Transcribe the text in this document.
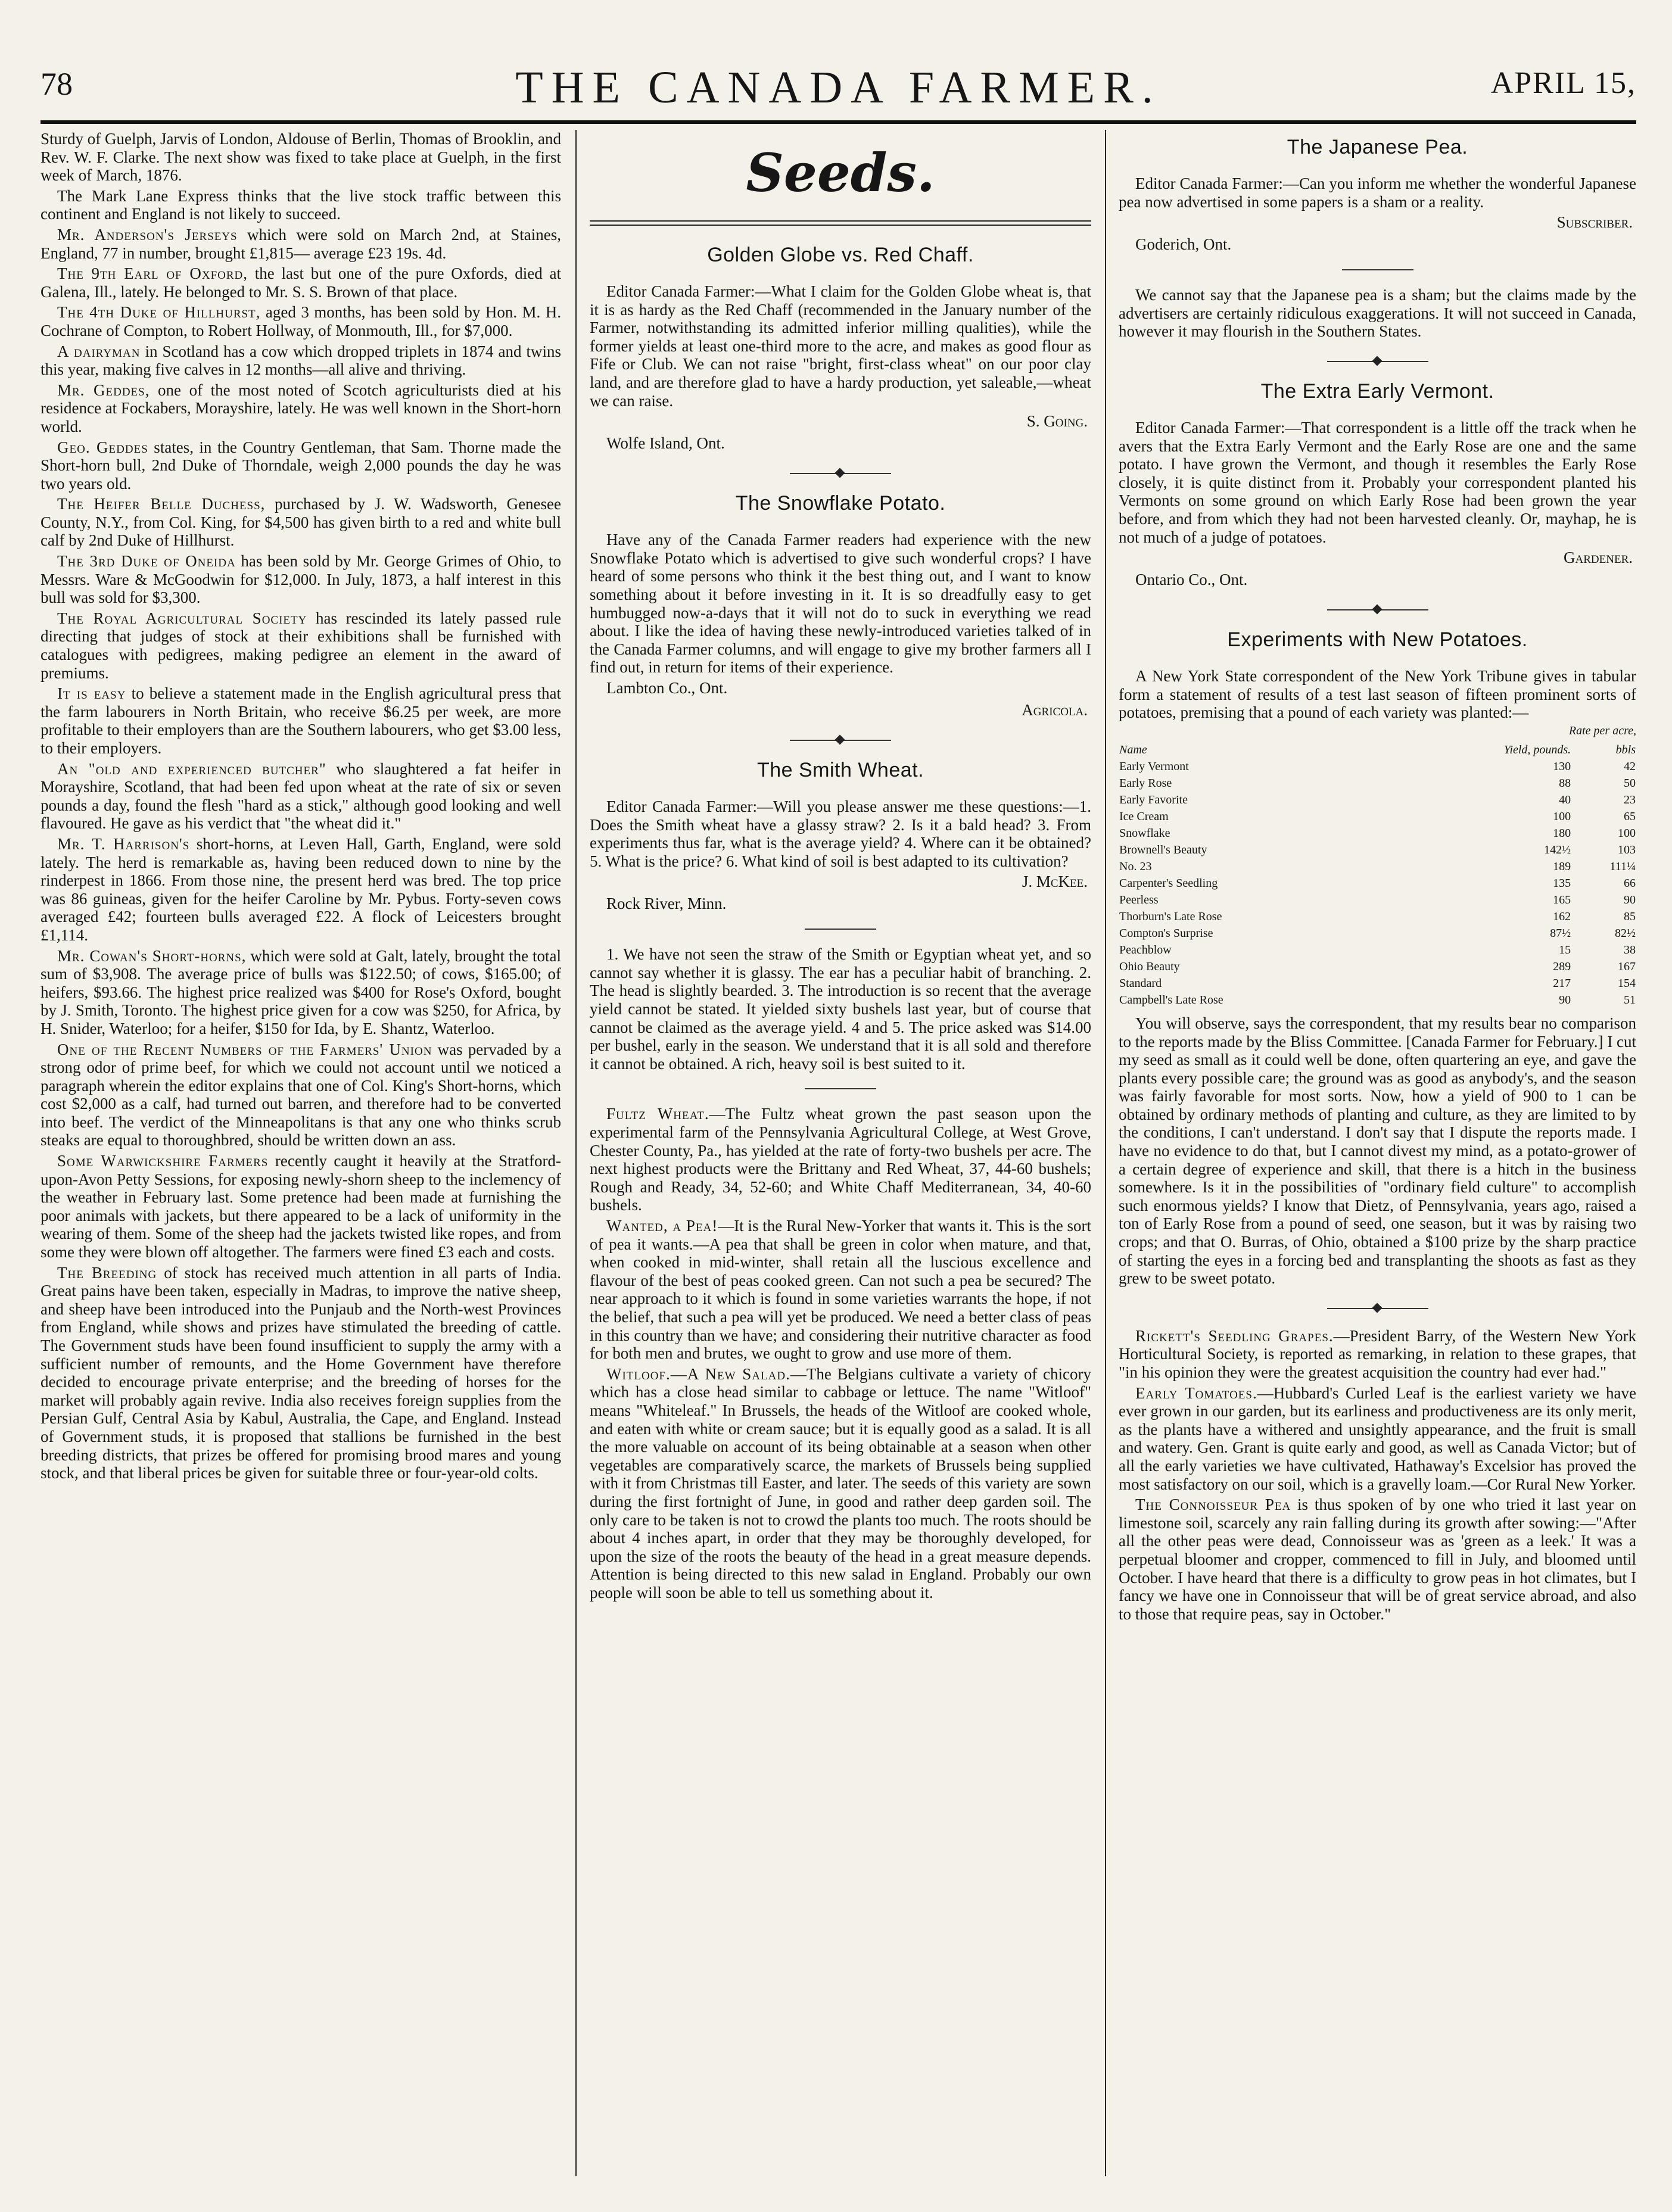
78	THE CANADA FARMER.	APRIL 15,

Sturdy of Guelph, Jarvis of London, Aldouse of Berlin, Thomas of Brooklin, and Rev. W. F. Clarke. The next show was fixed to take place at Guelph, in the first week of March, 1876.

The Mark Lane Express thinks that the live stock traffic between this continent and England is not likely to succeed.

Mr. Anderson's Jerseys which were sold on March 2nd, at Staines, England, 77 in number, brought £1,815— average £23 19s. 4d.

The 9th Earl of Oxford, the last but one of the pure Oxfords, died at Galena, Ill., lately. He belonged to Mr. S. S. Brown of that place.

The 4th Duke of Hillhurst, aged 3 months, has been sold by Hon. M. H. Cochrane of Compton, to Robert Hollway, of Monmouth, Ill., for $7,000.

A dairyman in Scotland has a cow which dropped triplets in 1874 and twins this year, making five calves in 12 months—all alive and thriving.

Mr. Geddes, one of the most noted of Scotch agriculturists died at his residence at Fockabers, Morayshire, lately. He was well known in the Short-horn world.

Geo. Geddes states, in the Country Gentleman, that Sam. Thorne made the Short-horn bull, 2nd Duke of Thorndale, weigh 2,000 pounds the day he was two years old.

The Heifer Belle Duchess, purchased by J. W. Wadsworth, Genesee County, N.Y., from Col. King, for $4,500 has given birth to a red and white bull calf by 2nd Duke of Hillhurst.

The 3rd Duke of Oneida has been sold by Mr. George Grimes of Ohio, to Messrs. Ware & McGoodwin for $12,000. In July, 1873, a half interest in this bull was sold for $3,300.

The Royal Agricultural Society has rescinded its lately passed rule directing that judges of stock at their exhibitions shall be furnished with catalogues with pedigrees, making pedigree an element in the award of premiums.

It is easy to believe a statement made in the English agricultural press that the farm labourers in North Britain, who receive $6.25 per week, are more profitable to their employers than are the Southern labourers, who get $3.00 less, to their employers.

An "old and experienced butcher" who slaughtered a fat heifer in Morayshire, Scotland, that had been fed upon wheat at the rate of six or seven pounds a day, found the flesh "hard as a stick," although good looking and well flavoured. He gave as his verdict that "the wheat did it."

Mr. T. Harrison's short-horns, at Leven Hall, Garth, England, were sold lately. The herd is remarkable as, having been reduced down to nine by the rinderpest in 1866. From those nine, the present herd was bred. The top price was 86 guineas, given for the heifer Caroline by Mr. Pybus. Forty-seven cows averaged £42; fourteen bulls averaged £22. A flock of Leicesters brought £1,114.

Mr. Cowan's Short-horns, which were sold at Galt, lately, brought the total sum of $3,908. The average price of bulls was $122.50; of cows, $165.00; of heifers, $93.66. The highest price realized was $400 for Rose's Oxford, bought by J. Smith, Toronto. The highest price given for a cow was $250, for Africa, by H. Snider, Waterloo; for a heifer, $150 for Ida, by E. Shantz, Waterloo.

One of the Recent Numbers of the Farmers' Union was pervaded by a strong odor of prime beef, for which we could not account until we noticed a paragraph wherein the editor explains that one of Col. King's Short-horns, which cost $2,000 as a calf, had turned out barren, and therefore had to be converted into beef. The verdict of the Minneapolitans is that any one who thinks scrub steaks are equal to thoroughbred, should be written down an ass.

Some Warwickshire Farmers recently caught it heavily at the Stratford-upon-Avon Petty Sessions, for exposing newly-shorn sheep to the inclemency of the weather in February last. Some pretence had been made at furnishing the poor animals with jackets, but there appeared to be a lack of uniformity in the wearing of them. Some of the sheep had the jackets twisted like ropes, and from some they were blown off altogether. The farmers were fined £3 each and costs.

The Breeding of stock has received much attention in all parts of India. Great pains have been taken, especially in Madras, to improve the native sheep, and sheep have been introduced into the Punjaub and the North-west Provinces from England, while shows and prizes have stimulated the breeding of cattle. The Government studs have been found insufficient to supply the army with a sufficient number of remounts, and the Home Government have therefore decided to encourage private enterprise; and the breeding of horses for the market will probably again revive. India also receives foreign supplies from the Persian Gulf, Central Asia by Kabul, Australia, the Cape, and England. Instead of Government studs, it is proposed that stallions be furnished in the best breeding districts, that prizes be offered for promising brood mares and young stock, and that liberal prices be given for suitable three or four-year-old colts.

Seeds.
Golden Globe vs. Red Chaff.

Editor Canada Farmer:—What I claim for the Golden Globe wheat is, that it is as hardy as the Red Chaff (recommended in the January number of the Farmer, notwithstanding its admitted inferior milling qualities), while the former yields at least one-third more to the acre, and makes as good flour as Fife or Club. We can not raise "bright, first-class wheat" on our poor clay land, and are therefore glad to have a hardy production, yet saleable,—wheat we can raise.

S. Going.
Wolfe Island, Ont.
The Snowflake Potato.

Have any of the Canada Farmer readers had experience with the new Snowflake Potato which is advertised to give such wonderful crops? I have heard of some persons who think it the best thing out, and I want to know something about it before investing in it. It is so dreadfully easy to get humbugged now-a-days that it will not do to suck in everything we read about. I like the idea of having these newly-introduced varieties talked of in the Canada Farmer columns, and will engage to give my brother farmers all I find out, in return for items of their experience.

Lambton Co., Ont.
Agricola.
The Smith Wheat.

Editor Canada Farmer:—Will you please answer me these questions:—1. Does the Smith wheat have a glassy straw? 2. Is it a bald head? 3. From experiments thus far, what is the average yield? 4. Where can it be obtained? 5. What is the price? 6. What kind of soil is best adapted to its cultivation?

J. McKee.
Rock River, Minn.

1. We have not seen the straw of the Smith or Egyptian wheat yet, and so cannot say whether it is glassy. The ear has a peculiar habit of branching. 2. The head is slightly bearded. 3. The introduction is so recent that the average yield cannot be stated. It yielded sixty bushels last year, but of course that cannot be claimed as the average yield. 4 and 5. The price asked was $14.00 per bushel, early in the season. We understand that it is all sold and therefore it cannot be obtained. A rich, heavy soil is best suited to it.

Fultz Wheat.—The Fultz wheat grown the past season upon the experimental farm of the Pennsylvania Agricultural College, at West Grove, Chester County, Pa., has yielded at the rate of forty-two bushels per acre. The next highest products were the Brittany and Red Wheat, 37, 44-60 bushels; Rough and Ready, 34, 52-60; and White Chaff Mediterranean, 34, 40-60 bushels.

Wanted, a Pea!—It is the Rural New-Yorker that wants it. This is the sort of pea it wants.—A pea that shall be green in color when mature, and that, when cooked in mid-winter, shall retain all the luscious excellence and flavour of the best of peas cooked green. Can not such a pea be secured? The near approach to it which is found in some varieties warrants the hope, if not the belief, that such a pea will yet be produced. We need a better class of peas in this country than we have; and considering their nutritive character as food for both men and brutes, we ought to grow and use more of them.

Witloof.—A New Salad.—The Belgians cultivate a variety of chicory which has a close head similar to cabbage or lettuce. The name "Witloof" means "Whiteleaf." In Brussels, the heads of the Witloof are cooked whole, and eaten with white or cream sauce; but it is equally good as a salad. It is all the more valuable on account of its being obtainable at a season when other vegetables are comparatively scarce, the markets of Brussels being supplied with it from Christmas till Easter, and later. The seeds of this variety are sown during the first fortnight of June, in good and rather deep garden soil. The only care to be taken is not to crowd the plants too much. The roots should be about 4 inches apart, in order that they may be thoroughly developed, for upon the size of the roots the beauty of the head in a great measure depends. Attention is being directed to this new salad in England. Probably our own people will soon be able to tell us something about it.

The Japanese Pea.

Editor Canada Farmer:—Can you inform me whether the wonderful Japanese pea now advertised in some papers is a sham or a reality.

Subscriber.
Goderich, Ont.

We cannot say that the Japanese pea is a sham; but the claims made by the advertisers are certainly ridiculous exaggerations. It will not succeed in Canada, however it may flourish in the Southern States.

The Extra Early Vermont.

Editor Canada Farmer:—That correspondent is a little off the track when he avers that the Extra Early Vermont and the Early Rose are one and the same potato. I have grown the Vermont, and though it resembles the Early Rose closely, it is quite distinct from it. Probably your correspondent planted his Vermonts on some ground on which Early Rose had been grown the year before, and from which they had not been harvested cleanly. Or, mayhap, he is not much of a judge of potatoes.

Gardener.
Ontario Co., Ont.
Experiments with New Potatoes.

A New York State correspondent of the New York Tribune gives in tabular form a statement of results of a test last season of fifteen prominent sorts of potatoes, premising that a pound of each variety was planted:—

Rate per acre,
Name	Yield, pounds.	bbls
Early Vermont	130	42
Early Rose	88	50
Early Favorite	40	23
Ice Cream	100	65
Snowflake	180	100
Brownell's Beauty	142½	103
No. 23	189	111¼
Carpenter's Seedling	135	66
Peerless	165	90
Thorburn's Late Rose	162	85
Compton's Surprise	87½	82½
Peachblow	15	38
Ohio Beauty	289	167
Standard	217	154
Campbell's Late Rose	90	51

You will observe, says the correspondent, that my results bear no comparison to the reports made by the Bliss Committee. [Canada Farmer for February.] I cut my seed as small as it could well be done, often quartering an eye, and gave the plants every possible care; the ground was as good as anybody's, and the season was fairly favorable for most sorts. Now, how a yield of 900 to 1 can be obtained by ordinary methods of planting and culture, as they are limited to by the conditions, I can't understand. I don't say that I dispute the reports made. I have no evidence to do that, but I cannot divest my mind, as a potato-grower of a certain degree of experience and skill, that there is a hitch in the business somewhere. Is it in the possibilities of "ordinary field culture" to accomplish such enormous yields? I know that Dietz, of Pennsylvania, years ago, raised a ton of Early Rose from a pound of seed, one season, but it was by raising two crops; and that O. Burras, of Ohio, obtained a $100 prize by the sharp practice of starting the eyes in a forcing bed and transplanting the shoots as fast as they grew to be sweet potato.

Rickett's Seedling Grapes.—President Barry, of the Western New York Horticultural Society, is reported as remarking, in relation to these grapes, that "in his opinion they were the greatest acquisition the country had ever had."

Early Tomatoes.—Hubbard's Curled Leaf is the earliest variety we have ever grown in our garden, but its earliness and productiveness are its only merit, as the plants have a withered and unsightly appearance, and the fruit is small and watery. Gen. Grant is quite early and good, as well as Canada Victor; but of all the early varieties we have cultivated, Hathaway's Excelsior has proved the most satisfactory on our soil, which is a gravelly loam.—Cor Rural New Yorker.

The Connoisseur Pea is thus spoken of by one who tried it last year on limestone soil, scarcely any rain falling during its growth after sowing:—"After all the other peas were dead, Connoisseur was as 'green as a leek.' It was a perpetual bloomer and cropper, commenced to fill in July, and bloomed until October. I have heard that there is a difficulty to grow peas in hot climates, but I fancy we have one in Connoisseur that will be of great service abroad, and also to those that require peas, say in October."
